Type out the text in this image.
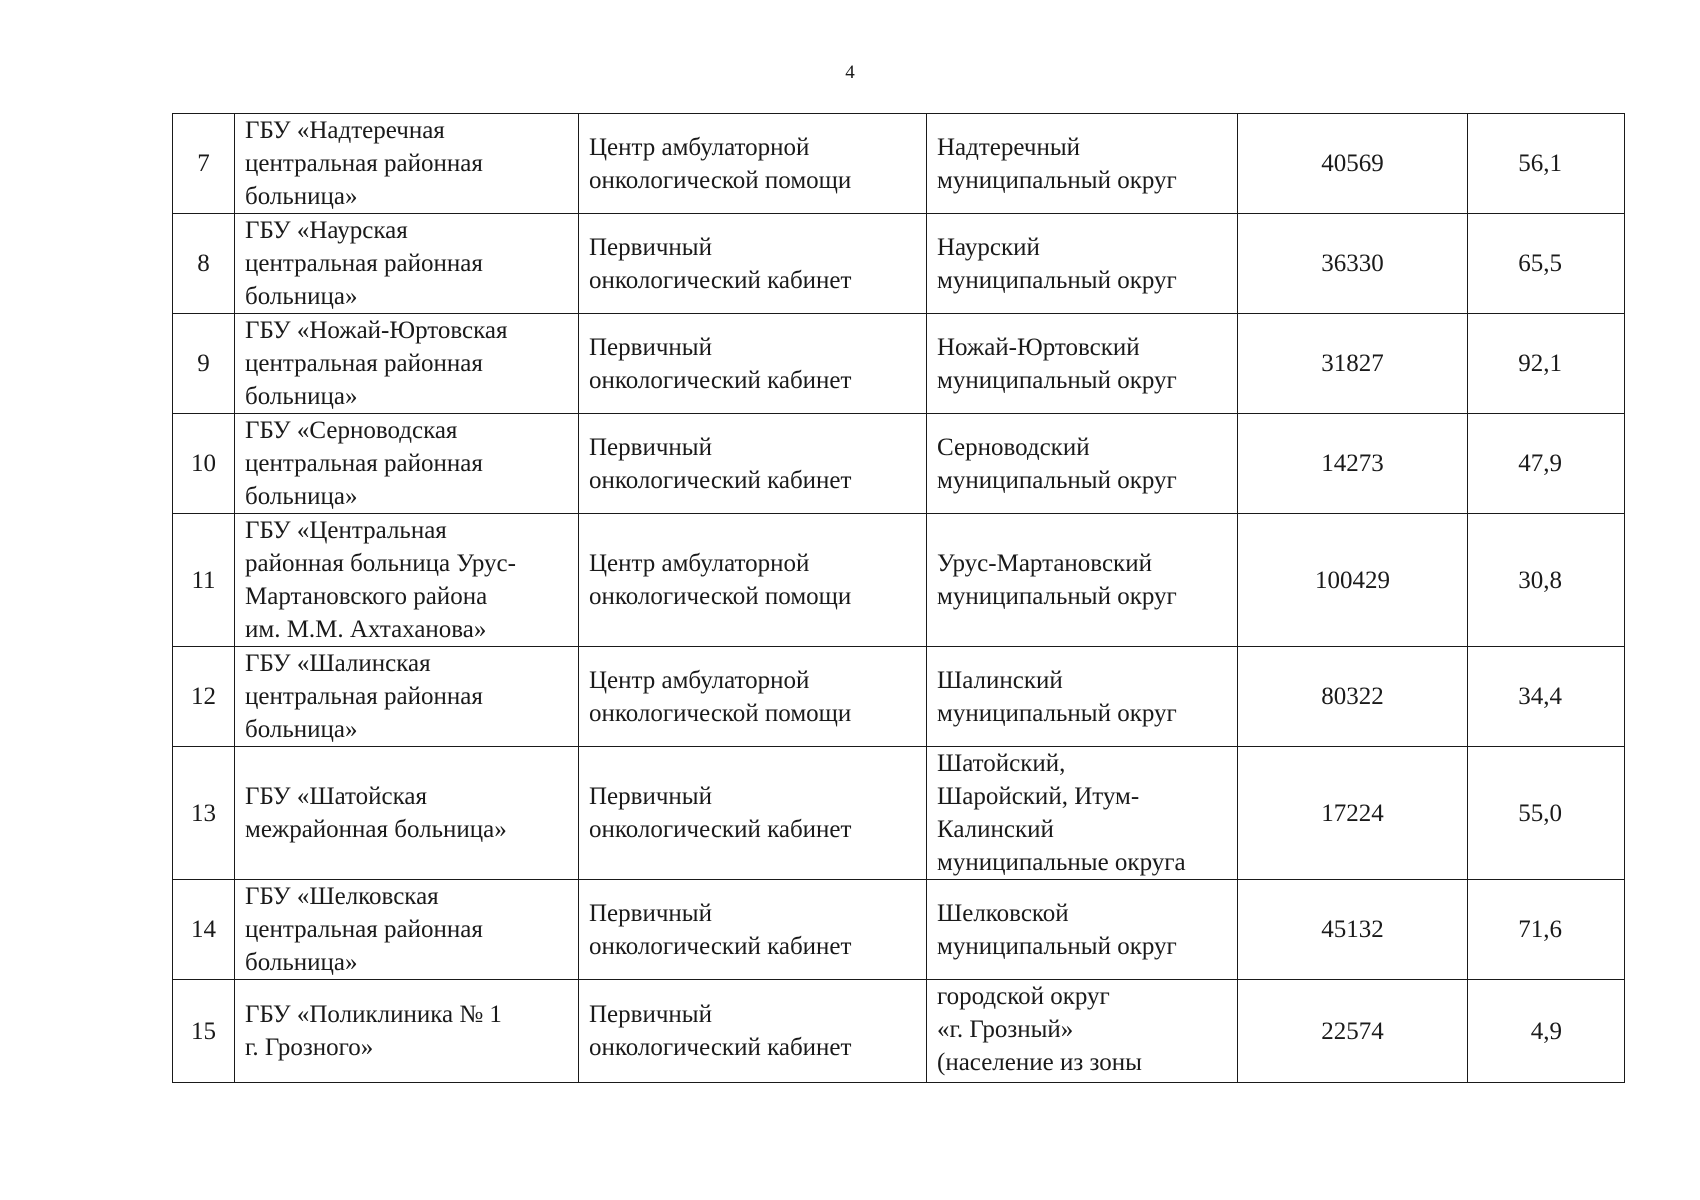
4
7	ГБУ «Надтеречная
центральная районная
больница»	Центр амбулаторной
онкологической помощи	Надтеречный
муниципальный округ	40569	56,1
8	ГБУ «Наурская
центральная районная
больница»	Первичный
онкологический кабинет	Наурский
муниципальный округ	36330	65,5
9	ГБУ «Ножай-Юртовская
центральная районная
больница»	Первичный
онкологический кабинет	Ножай-Юртовский
муниципальный округ	31827	92,1
10	ГБУ «Серноводская
центральная районная
больница»	Первичный
онкологический кабинет	Серноводский
муниципальный округ	14273	47,9
11	ГБУ «Центральная
районная больница Урус-
Мартановского района
им. М.М. Ахтаханова»	Центр амбулаторной
онкологической помощи	Урус-Мартановский
муниципальный округ	100429	30,8
12	ГБУ «Шалинская
центральная районная
больница»	Центр амбулаторной
онкологической помощи	Шалинский
муниципальный округ	80322	34,4
13	ГБУ «Шатойская
межрайонная больница»	Первичный
онкологический кабинет	Шатойский,
Шаройский, Итум-
Калинский
муниципальные округа	17224	55,0
14	ГБУ «Шелковская
центральная районная
больница»	Первичный
онкологический кабинет	Шелковской
муниципальный округ	45132	71,6
15	ГБУ «Поликлиника № 1
г. Грозного»	Первичный
онкологический кабинет	городской округ
«г. Грозный»
(население из зоны	22574	4,9
